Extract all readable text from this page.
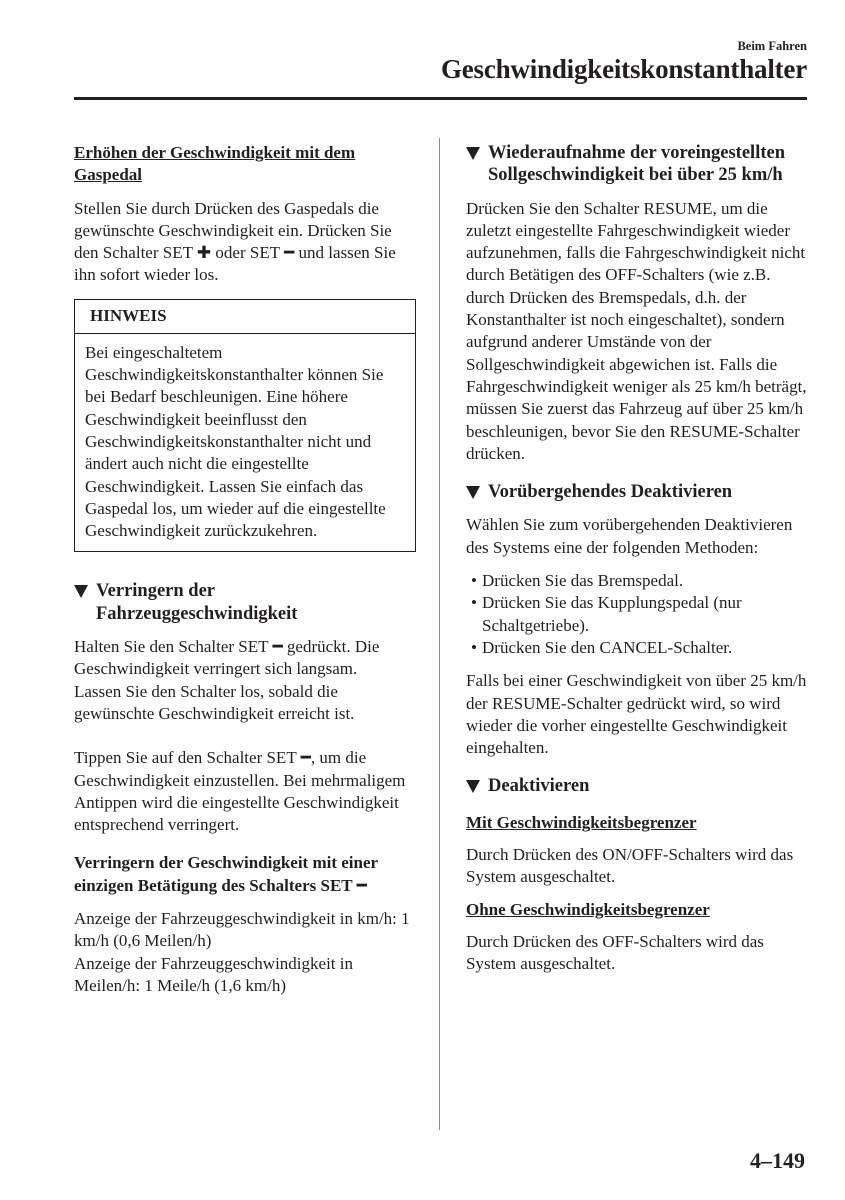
Beim Fahren
Geschwindigkeitskonstanthalter

Erhöhen der Geschwindigkeit mit dem Gaspedal

Stellen Sie durch Drücken des Gaspedals die gewünschte Geschwindigkeit ein. Drücken Sie den Schalter SET ✚ oder SET ━ und lassen Sie ihn sofort wieder los.

HINWEIS
Bei eingeschaltetem Geschwindigkeitskonstanthalter können Sie bei Bedarf beschleunigen. Eine höhere Geschwindigkeit beeinflusst den Geschwindigkeitskonstanthalter nicht und ändert auch nicht die eingestellte Geschwindigkeit. Lassen Sie einfach das Gaspedal los, um wieder auf die eingestellte Geschwindigkeit zurückzukehren.
Verringern der Fahrzeuggeschwindigkeit

Halten Sie den Schalter SET ━ gedrückt. Die Geschwindigkeit verringert sich langsam.

Lassen Sie den Schalter los, sobald die gewünschte Geschwindigkeit erreicht ist.

Tippen Sie auf den Schalter SET ━, um die Geschwindigkeit einzustellen. Bei mehrmaligem Antippen wird die eingestellte Geschwindigkeit entsprechend verringert.

Verringern der Geschwindigkeit mit einer einzigen Betätigung des Schalters SET ━

Anzeige der Fahrzeuggeschwindigkeit in km/h: 1 km/h (0,6 Meilen/h)

Anzeige der Fahrzeuggeschwindigkeit in Meilen/h: 1 Meile/h (1,6 km/h)

Wiederaufnahme der voreingestellten Sollgeschwindigkeit bei über 25 km/h

Drücken Sie den Schalter RESUME, um die zuletzt eingestellte Fahrgeschwindigkeit wieder aufzunehmen, falls die Fahrgeschwindigkeit nicht durch Betätigen des OFF-Schalters (wie z.B. durch Drücken des Bremspedals, d.h. der Konstanthalter ist noch eingeschaltet), sondern aufgrund anderer Umstände von der Sollgeschwindigkeit abgewichen ist. Falls die Fahrgeschwindigkeit weniger als 25 km/h beträgt, müssen Sie zuerst das Fahrzeug auf über 25 km/h beschleunigen, bevor Sie den RESUME-Schalter drücken.

Vorübergehendes Deaktivieren

Wählen Sie zum vorübergehenden Deaktivieren des Systems eine der folgenden Methoden:

• Drücken Sie das Bremspedal.
• Drücken Sie das Kupplungspedal (nur Schaltgetriebe).
• Drücken Sie den CANCEL-Schalter.

Falls bei einer Geschwindigkeit von über 25 km/h der RESUME-Schalter gedrückt wird, so wird wieder die vorher eingestellte Geschwindigkeit eingehalten.

Deaktivieren

Mit Geschwindigkeitsbegrenzer

Durch Drücken des ON/OFF-Schalters wird das System ausgeschaltet.

Ohne Geschwindigkeitsbegrenzer

Durch Drücken des OFF-Schalters wird das System ausgeschaltet.

4–149
